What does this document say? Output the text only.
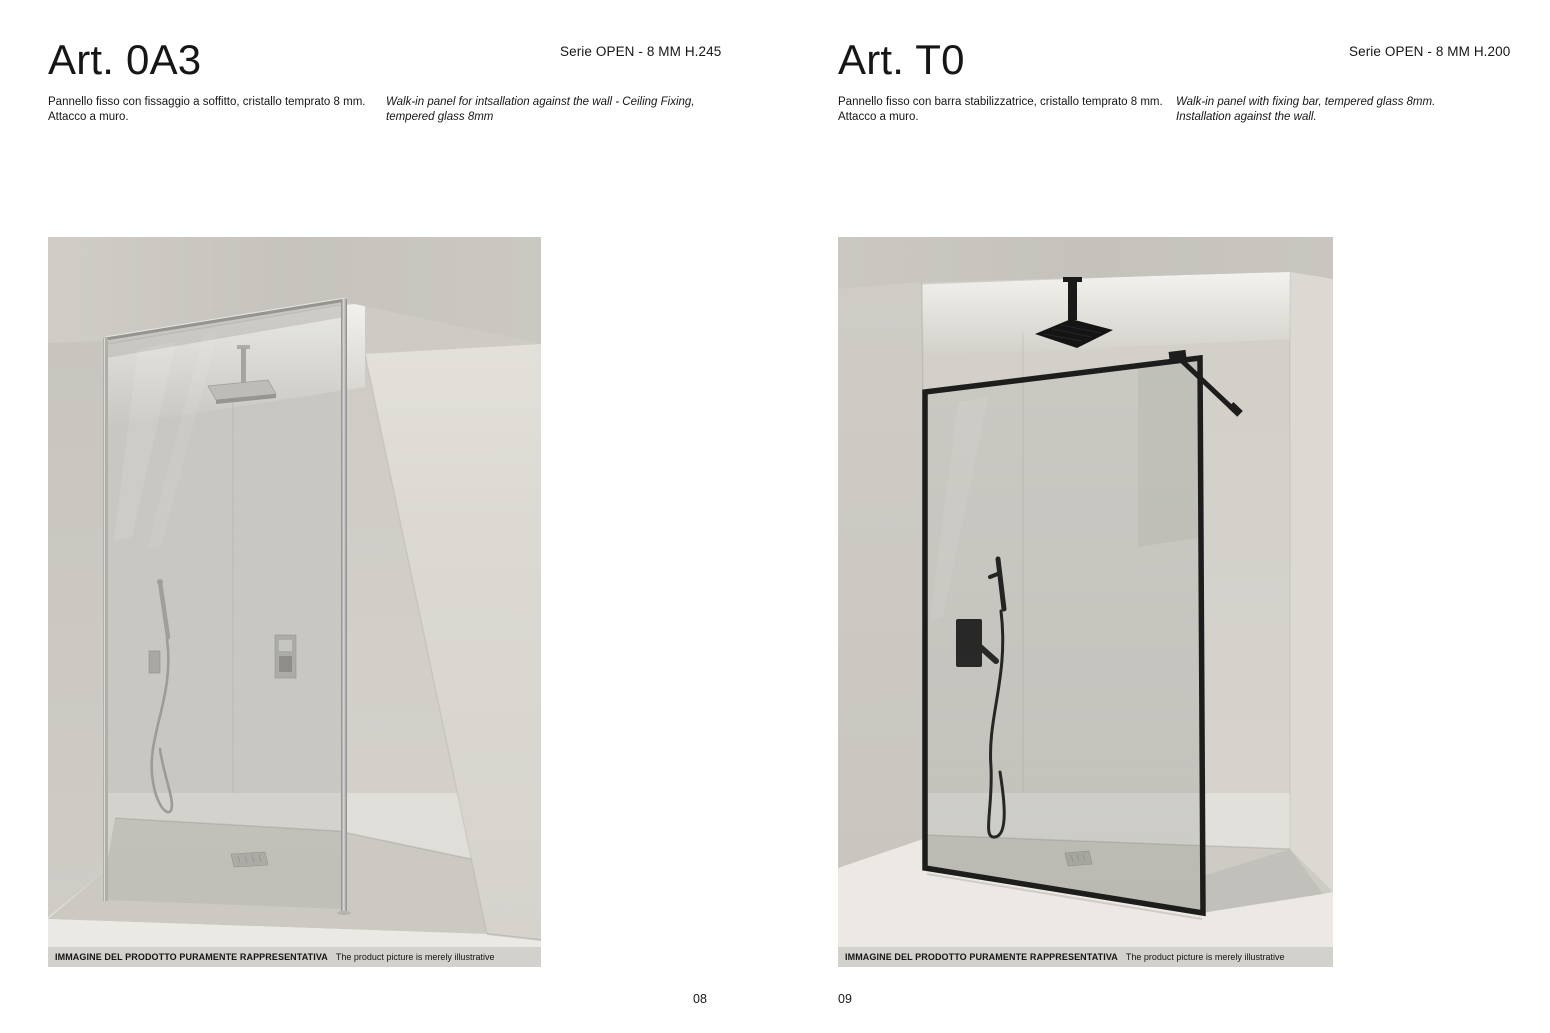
Art. 0A3	Serie OPEN - 8 MM H.245
Pannello fisso con fissaggio a soffitto, cristallo temprato 8 mm.
Attacco a muro.
Walk-in panel for intsallation against the wall - Ceiling Fixing,
tempered glass 8mm
IMMAGINE DEL PRODOTTO PURAMENTE RAPPRESENTATIVA The product picture is merely illustrative
Art. T0	Serie OPEN - 8 MM H.200
Pannello fisso con barra stabilizzatrice, cristallo temprato 8 mm.
Attacco a muro.
Walk-in panel with fixing bar, tempered glass 8mm.
Installation against the wall.
IMMAGINE DEL PRODOTTO PURAMENTE RAPPRESENTATIVA The product picture is merely illustrative
08	09
